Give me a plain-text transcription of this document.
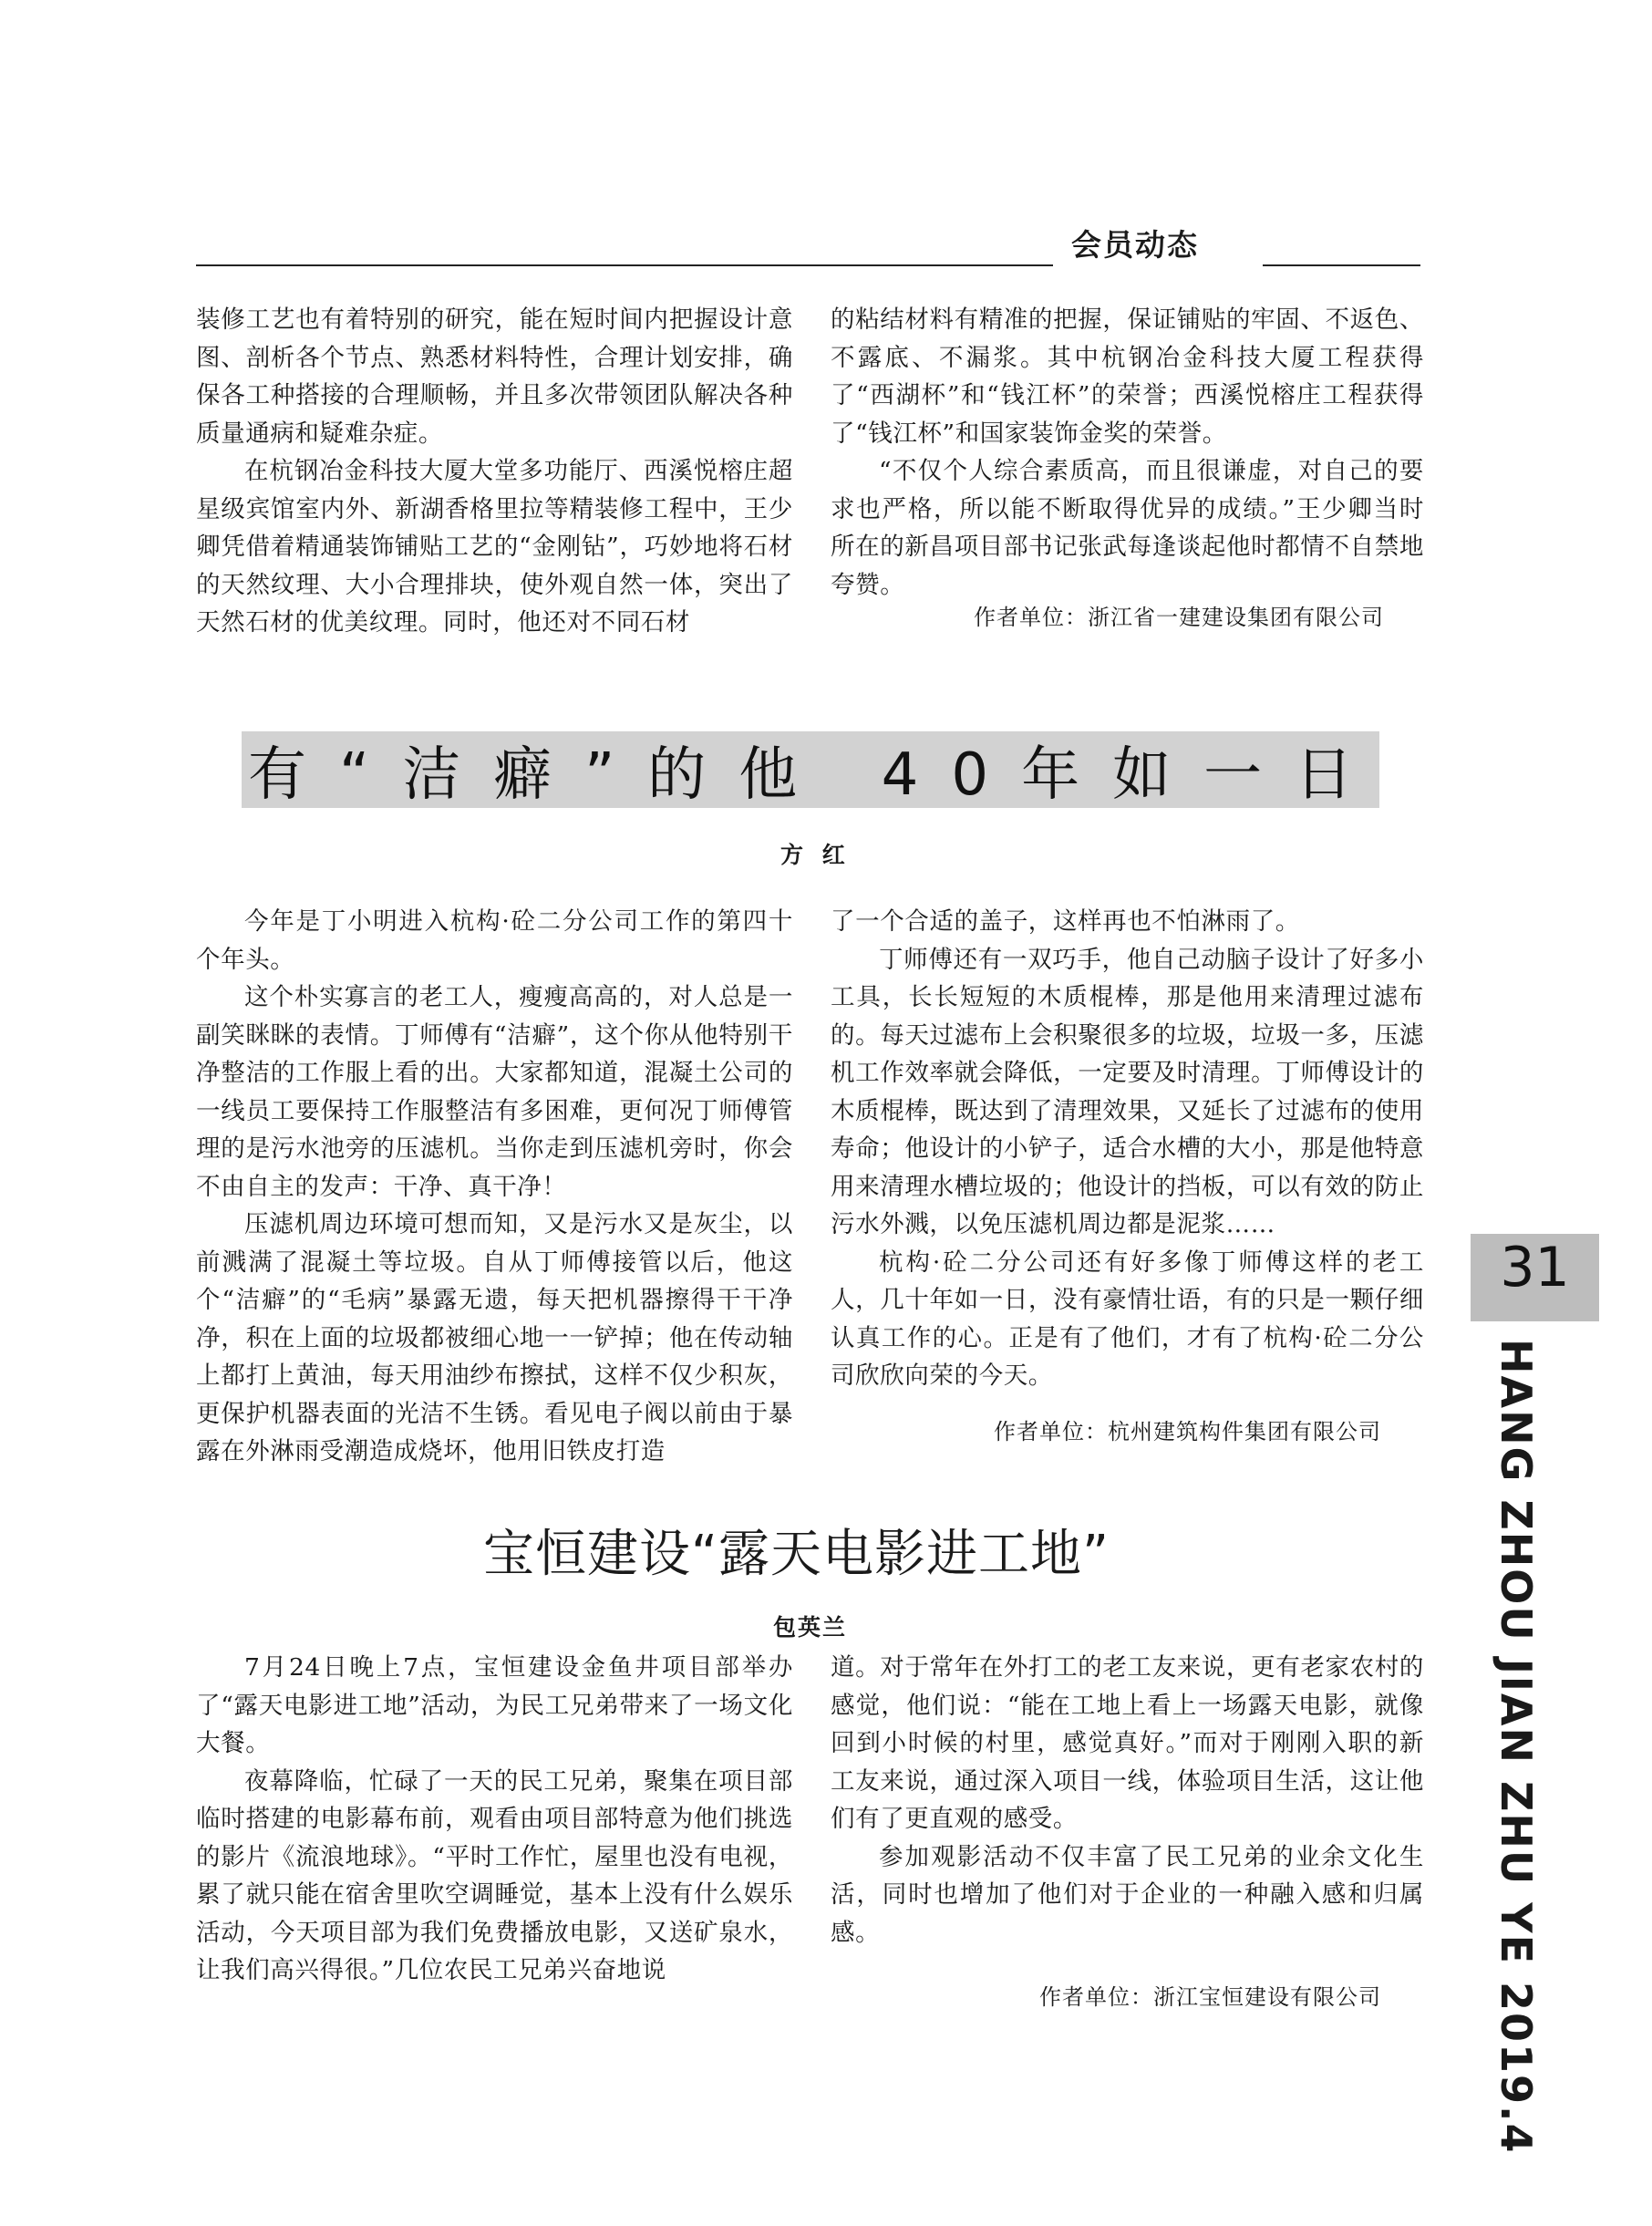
会员动态

装修工艺也有着特别的研究，能在短时间内把握设计意图、剖析各个节点、熟悉材料特性，合理计划安排，确保各工种搭接的合理顺畅，并且多次带领团队解决各种质量通病和疑难杂症。

在杭钢冶金科技大厦大堂多功能厅、西溪悦榕庄超星级宾馆室内外、新湖香格里拉等精装修工程中，王少卿凭借着精通装饰铺贴工艺的“金刚钻”，巧妙地将石材的天然纹理、大小合理排块，使外观自然一体，突出了天然石材的优美纹理。同时，他还对不同石材

的粘结材料有精准的把握，保证铺贴的牢固、不返色、不露底、不漏浆。其中杭钢冶金科技大厦工程获得了“西湖杯”和“钱江杯”的荣誉；西溪悦榕庄工程获得了“钱江杯”和国家装饰金奖的荣誉。

“不仅个人综合素质高，而且很谦虚，对自己的要求也严格，所以能不断取得优异的成绩。”王少卿当时所在的新昌项目部书记张武每逢谈起他时都情不自禁地夸赞。

作者单位：浙江省一建建设集团有限公司
有“洁癖”的他 40年如一日
方 红

今年是丁小明进入杭构·砼二分公司工作的第四十个年头。

这个朴实寡言的老工人，瘦瘦高高的，对人总是一副笑眯眯的表情。丁师傅有“洁癖”，这个你从他特别干净整洁的工作服上看的出。大家都知道，混凝土公司的一线员工要保持工作服整洁有多困难，更何况丁师傅管理的是污水池旁的压滤机。当你走到压滤机旁时，你会不由自主的发声：干净、真干净！

压滤机周边环境可想而知，又是污水又是灰尘，以前溅满了混凝土等垃圾。自从丁师傅接管以后，他这个“洁癖”的“毛病”暴露无遗，每天把机器擦得干干净净，积在上面的垃圾都被细心地一一铲掉；他在传动轴上都打上黄油，每天用油纱布擦拭，这样不仅少积灰，更保护机器表面的光洁不生锈。看见电子阀以前由于暴露在外淋雨受潮造成烧坏，他用旧铁皮打造

了一个合适的盖子，这样再也不怕淋雨了。

丁师傅还有一双巧手，他自己动脑子设计了好多小工具，长长短短的木质棍棒，那是他用来清理过滤布的。每天过滤布上会积聚很多的垃圾，垃圾一多，压滤机工作效率就会降低，一定要及时清理。丁师傅设计的木质棍棒，既达到了清理效果，又延长了过滤布的使用寿命；他设计的小铲子，适合水槽的大小，那是他特意用来清理水槽垃圾的；他设计的挡板，可以有效的防止污水外溅，以免压滤机周边都是泥浆……

杭构·砼二分公司还有好多像丁师傅这样的老工人，几十年如一日，没有豪情壮语，有的只是一颗仔细认真工作的心。正是有了他们，才有了杭构·砼二分公司欣欣向荣的今天。

作者单位：杭州建筑构件集团有限公司
宝恒建设“露天电影进工地”
包英兰

7月24日晚上7点，宝恒建设金鱼井项目部举办了“露天电影进工地”活动，为民工兄弟带来了一场文化大餐。

夜幕降临，忙碌了一天的民工兄弟，聚集在项目部临时搭建的电影幕布前，观看由项目部特意为他们挑选的影片《流浪地球》。“平时工作忙，屋里也没有电视，累了就只能在宿舍里吹空调睡觉，基本上没有什么娱乐活动，今天项目部为我们免费播放电影，又送矿泉水，让我们高兴得很。”几位农民工兄弟兴奋地说

道。对于常年在外打工的老工友来说，更有老家农村的感觉，他们说：“能在工地上看上一场露天电影，就像回到小时候的村里，感觉真好。”而对于刚刚入职的新工友来说，通过深入项目一线，体验项目生活，这让他们有了更直观的感受。

参加观影活动不仅丰富了民工兄弟的业余文化生活，同时也增加了他们对于企业的一种融入感和归属感。

作者单位：浙江宝恒建设有限公司
31
HANG ZHOU JIAN ZHU YE 2019.4
